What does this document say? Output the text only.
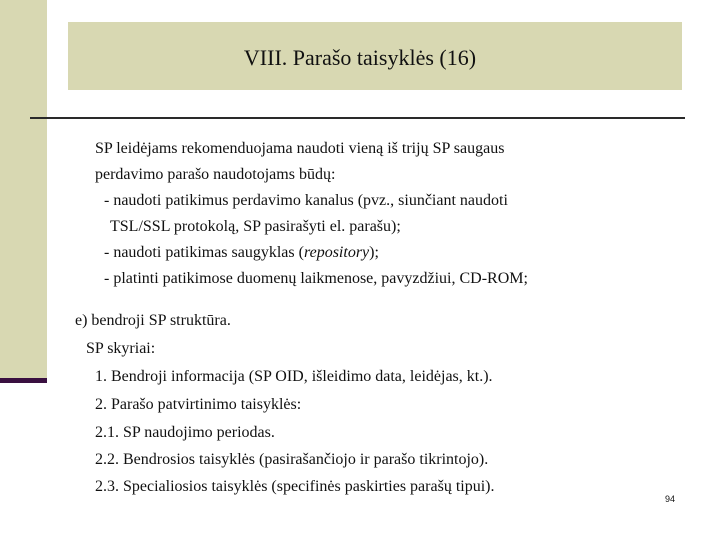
VIII. Parašo taisyklės (16)
SP leidėjams rekomenduojama naudoti vieną iš trijų SP saugaus
perdavimo parašo naudotojams būdų:
- naudoti patikimus perdavimo kanalus (pvz., siunčiant naudoti
TSL/SSL protokolą, SP pasirašyti el. parašu);
- naudoti patikimas saugyklas (repository);
- platinti patikimose duomenų laikmenose, pavyzdžiui, CD-ROM;
e) bendroji SP struktūra.
SP skyriai:
1. Bendroji informacija (SP OID, išleidimo data, leidėjas, kt.).
2. Parašo patvirtinimo taisyklės:
2.1. SP naudojimo periodas.
2.2. Bendrosios taisyklės (pasirašančiojo ir parašo tikrintojo).
2.3. Specialiosios taisyklės (specifinės paskirties parašų tipui).
94
